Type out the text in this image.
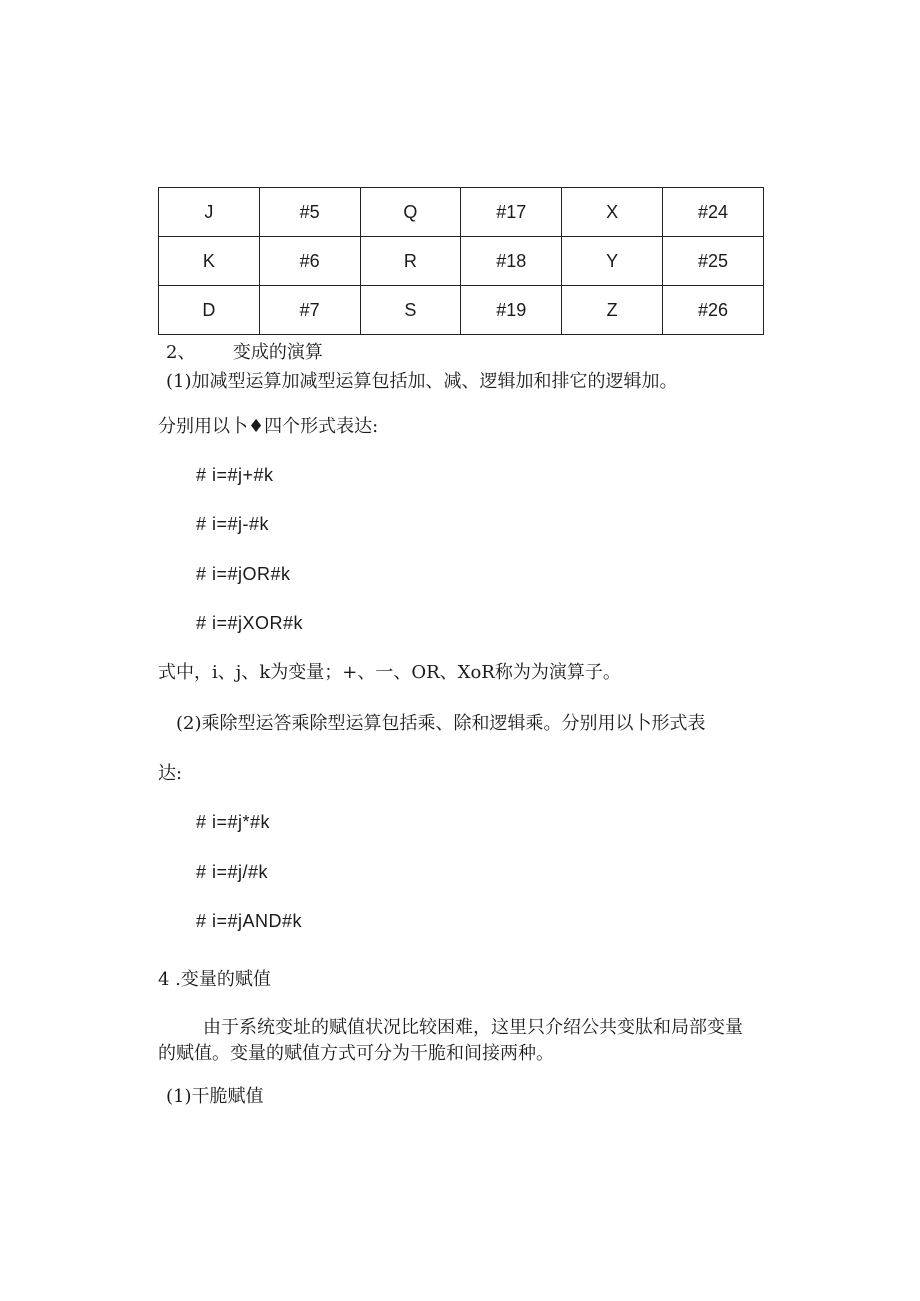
J	#5	Q	#17	X	#24
K	#6	R	#18	Y	#25
D	#7	S	#19	Z	#26
2、 变成的演算
(1)加减型运算加减型运算包括加、减、逻辑加和排它的逻辑加。
分别用以卜♦四个形式表达:
# i=#j+#k
# i=#j-#k
# i=#jOR#k
# i=#jXOR#k
式中，i、j、k为变量；+、一、OR、XoR称为为演算子。
(2)乘除型运答乘除型运算包括乘、除和逻辑乘。分别用以卜形式表
达:
# i=#j*#k
# i=#j/#k
# i=#jAND#k
4 .变量的赋值
由于系统变址的赋值状况比较困难，这里只介绍公共变肽和局部变量
的赋值。变量的赋值方式可分为干脆和间接两种。
(1)干脆赋值
